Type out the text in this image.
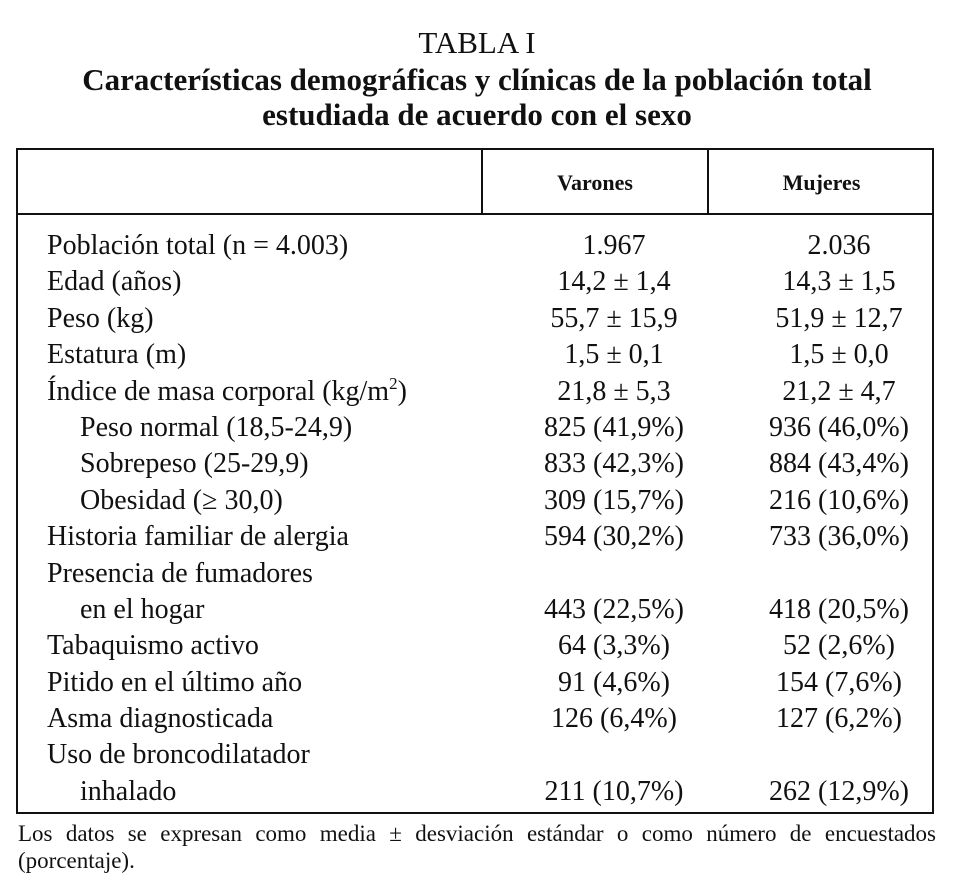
TABLA I
Características demográficas y clínicas de la población total
estudiada de acuerdo con el sexo
Varones	Mujeres
Población total (n = 4.003)	1.967	2.036
Edad (años)	14,2 ± 1,4	14,3 ± 1,5
Peso (kg)	55,7 ± 15,9	51,9 ± 12,7
Estatura (m)	1,5 ± 0,1	1,5 ± 0,0
Índice de masa corporal $(kg/m^2)$	21,8 ± 5,3	21,2 ± 4,7
Peso normal (18,5-24,9)	825 (41,9%)	936 (46,0%)
Sobrepeso (25-29,9)	833 (42,3%)	884 (43,4%)
Obesidad (≥ 30,0)	309 (15,7%)	216 (10,6%)
Historia familiar de alergia	594 (30,2%)	733 (36,0%)
Presencia de fumadores
en el hogar	443 (22,5%)	418 (20,5%)
Tabaquismo activo	64 (3,3%)	52 (2,6%)
Pitido en el último año	91 (4,6%)	154 (7,6%)
Asma diagnosticada	126 (6,4%)	127 (6,2%)
Uso de broncodilatador
inhalado	211 (10,7%)	262 (12,9%)
Los datos se expresan como media ± desviación estándar o como número de encuestados (porcentaje).
